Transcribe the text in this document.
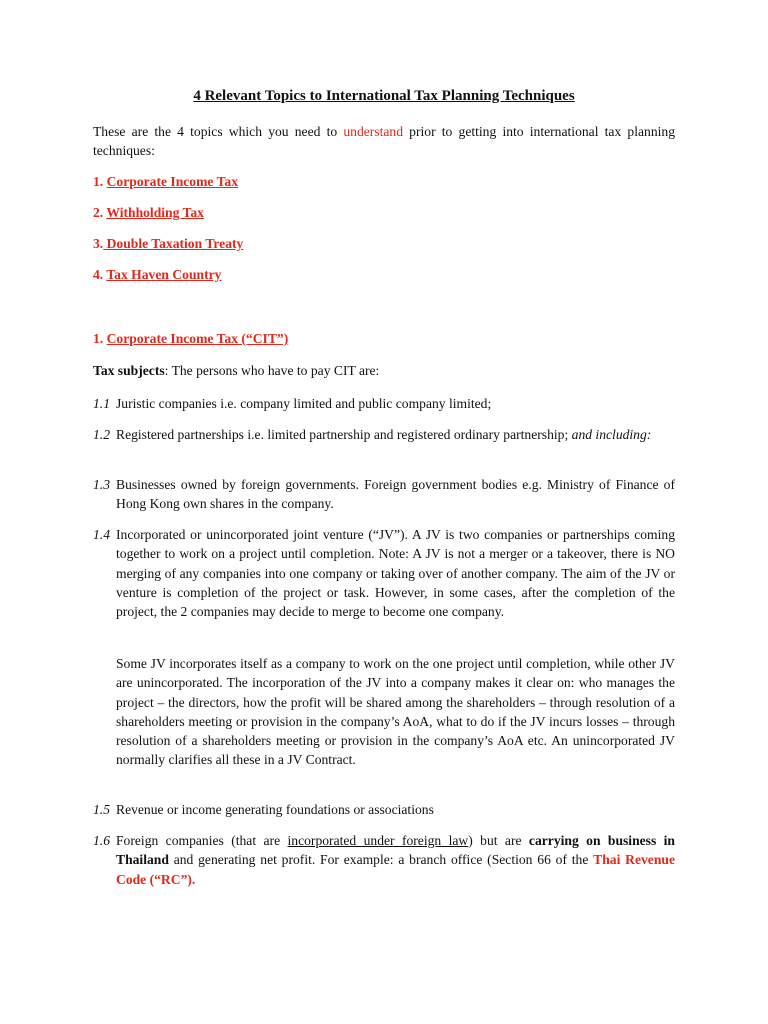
4 Relevant Topics to International Tax Planning Techniques
These are the 4 topics which you need to understand prior to getting into international tax planning techniques:
1. Corporate Income Tax
2. Withholding Tax
3. Double Taxation Treaty
4. Tax Haven Country
1. Corporate Income Tax (“CIT”)
Tax subjects: The persons who have to pay CIT are:
1.1 Juristic companies i.e. company limited and public company limited;
1.2 Registered partnerships i.e. limited partnership and registered ordinary partnership; and including:
1.3 Businesses owned by foreign governments. Foreign government bodies e.g. Ministry of Finance of Hong Kong own shares in the company.
1.4 Incorporated or unincorporated joint venture (“JV”). A JV is two companies or partnerships coming together to work on a project until completion. Note: A JV is not a merger or a takeover, there is NO merging of any companies into one company or taking over of another company. The aim of the JV or venture is completion of the project or task. However, in some cases, after the completion of the project, the 2 companies may decide to merge to become one company.
Some JV incorporates itself as a company to work on the one project until completion, while other JV are unincorporated. The incorporation of the JV into a company makes it clear on: who manages the project – the directors, how the profit will be shared among the shareholders – through resolution of a shareholders meeting or provision in the company’s AoA, what to do if the JV incurs losses – through resolution of a shareholders meeting or provision in the company’s AoA etc. An unincorporated JV normally clarifies all these in a JV Contract.
1.5 Revenue or income generating foundations or associations
1.6 Foreign companies (that are incorporated under foreign law) but are carrying on business in Thailand and generating net profit. For example: a branch office (Section 66 of the Thai Revenue Code (“RC”).
